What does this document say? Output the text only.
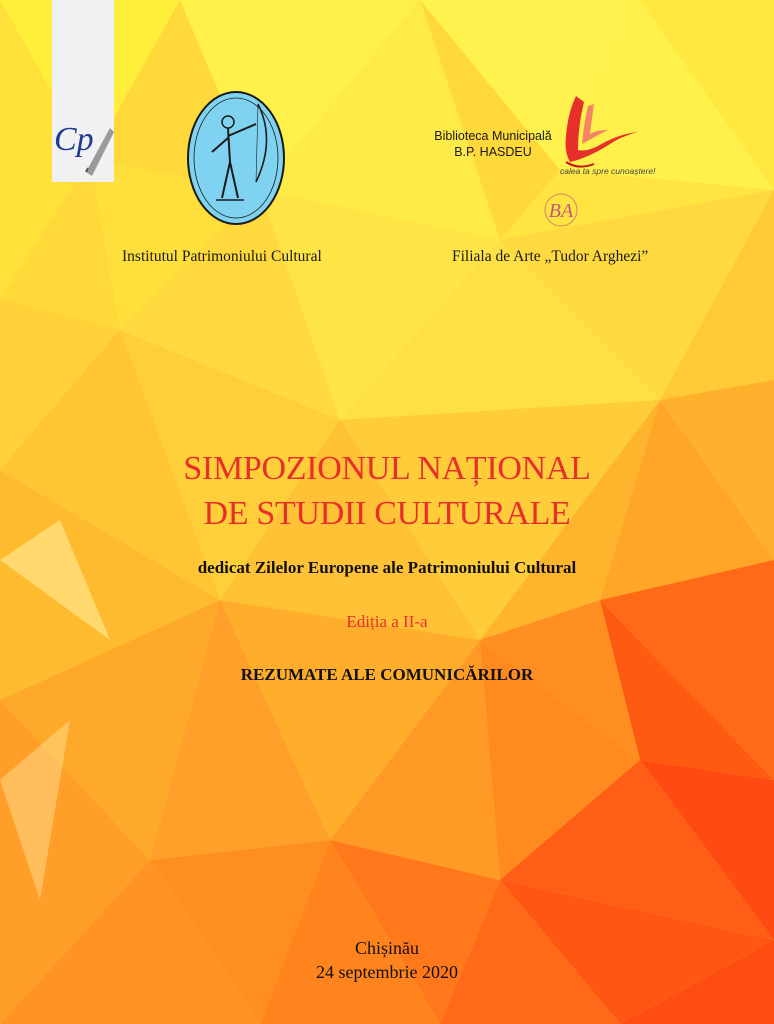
Cp
Institutul Patrimoniului Cultural
Biblioteca Municipală
B.P. HASDEU
calea ta spre cunoaștere!
BA
Filiala de Arte „Tudor Arghezi”
SIMPOZIONUL NAȚIONAL
DE STUDII CULTURALE
dedicat Zilelor Europene ale Patrimoniului Cultural
Ediția a II-a
REZUMATE ALE COMUNICĂRILOR
Chișinău
24 septembrie 2020
